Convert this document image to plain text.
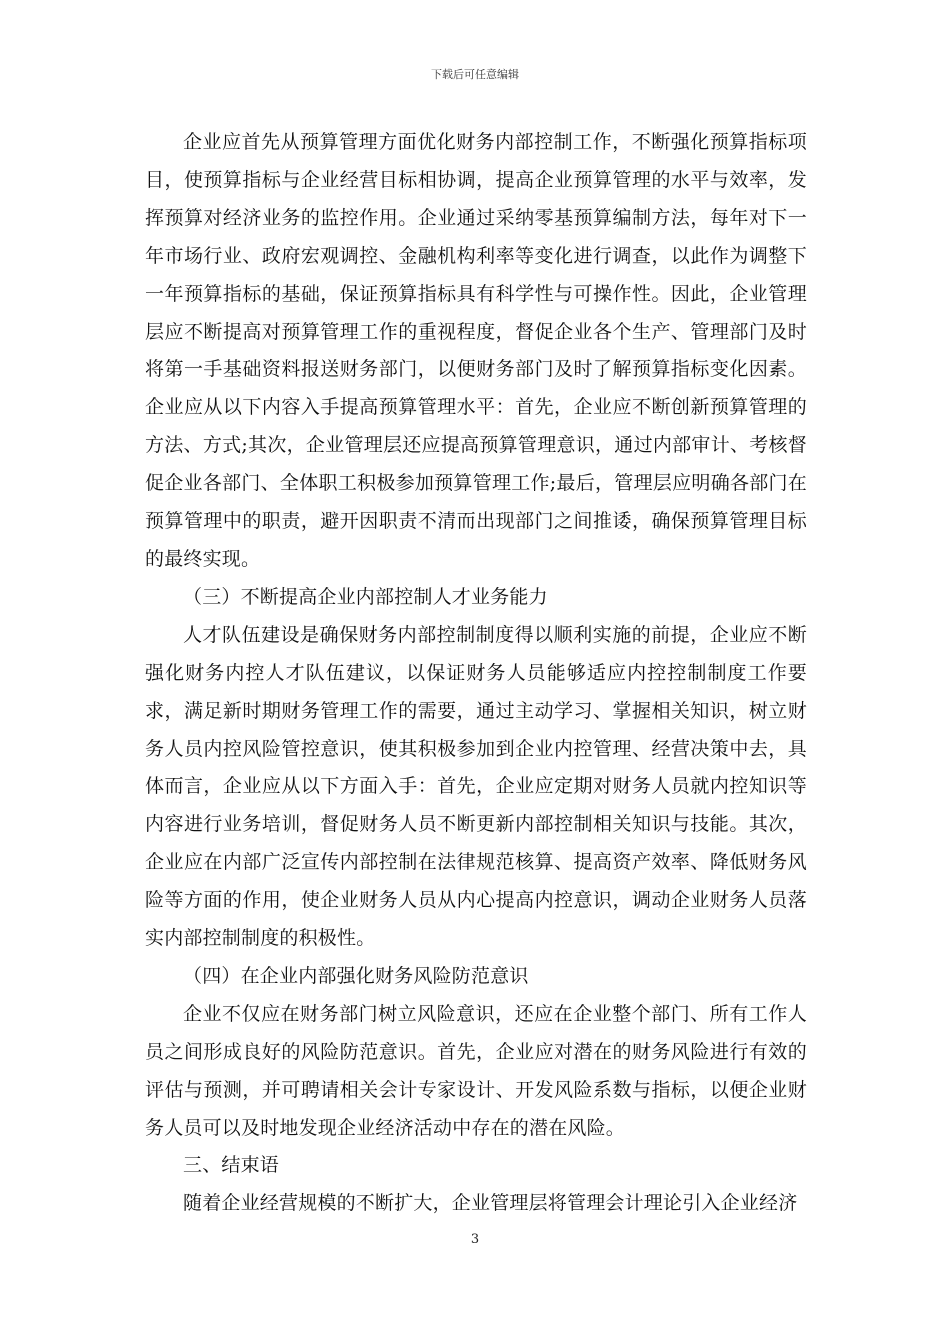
下载后可任意编辑

企业应首先从预算管理方面优化财务内部控制工作，不断强化预算指标项目，使预算指标与企业经营目标相协调，提高企业预算管理的水平与效率，发挥预算对经济业务的监控作用。企业通过采纳零基预算编制方法，每年对下一年市场行业、政府宏观调控、金融机构利率等变化进行调查，以此作为调整下一年预算指标的基础，保证预算指标具有科学性与可操作性。因此，企业管理层应不断提高对预算管理工作的重视程度，督促企业各个生产、管理部门及时将第一手基础资料报送财务部门，以便财务部门及时了解预算指标变化因素。企业应从以下内容入手提高预算管理水平：首先，企业应不断创新预算管理的方法、方式;其次，企业管理层还应提高预算管理意识，通过内部审计、考核督促企业各部门、全体职工积极参加预算管理工作;最后，管理层应明确各部门在预算管理中的职责，避开因职责不清而出现部门之间推诿，确保预算管理目标的最终实现。

（三）不断提高企业内部控制人才业务能力

人才队伍建设是确保财务内部控制制度得以顺利实施的前提，企业应不断强化财务内控人才队伍建议，以保证财务人员能够适应内控控制制度工作要求，满足新时期财务管理工作的需要，通过主动学习、掌握相关知识，树立财务人员内控风险管控意识，使其积极参加到企业内控管理、经营决策中去，具体而言，企业应从以下方面入手：首先，企业应定期对财务人员就内控知识等内容进行业务培训，督促财务人员不断更新内部控制相关知识与技能。其次，企业应在内部广泛宣传内部控制在法律规范核算、提高资产效率、降低财务风险等方面的作用，使企业财务人员从内心提高内控意识，调动企业财务人员落实内部控制制度的积极性。

（四）在企业内部强化财务风险防范意识

企业不仅应在财务部门树立风险意识，还应在企业整个部门、所有工作人员之间形成良好的风险防范意识。首先，企业应对潜在的财务风险进行有效的评估与预测，并可聘请相关会计专家设计、开发风险系数与指标，以便企业财务人员可以及时地发现企业经济活动中存在的潜在风险。

三、结束语

随着企业经营规模的不断扩大，企业管理层将管理会计理论引入企业经济

3
